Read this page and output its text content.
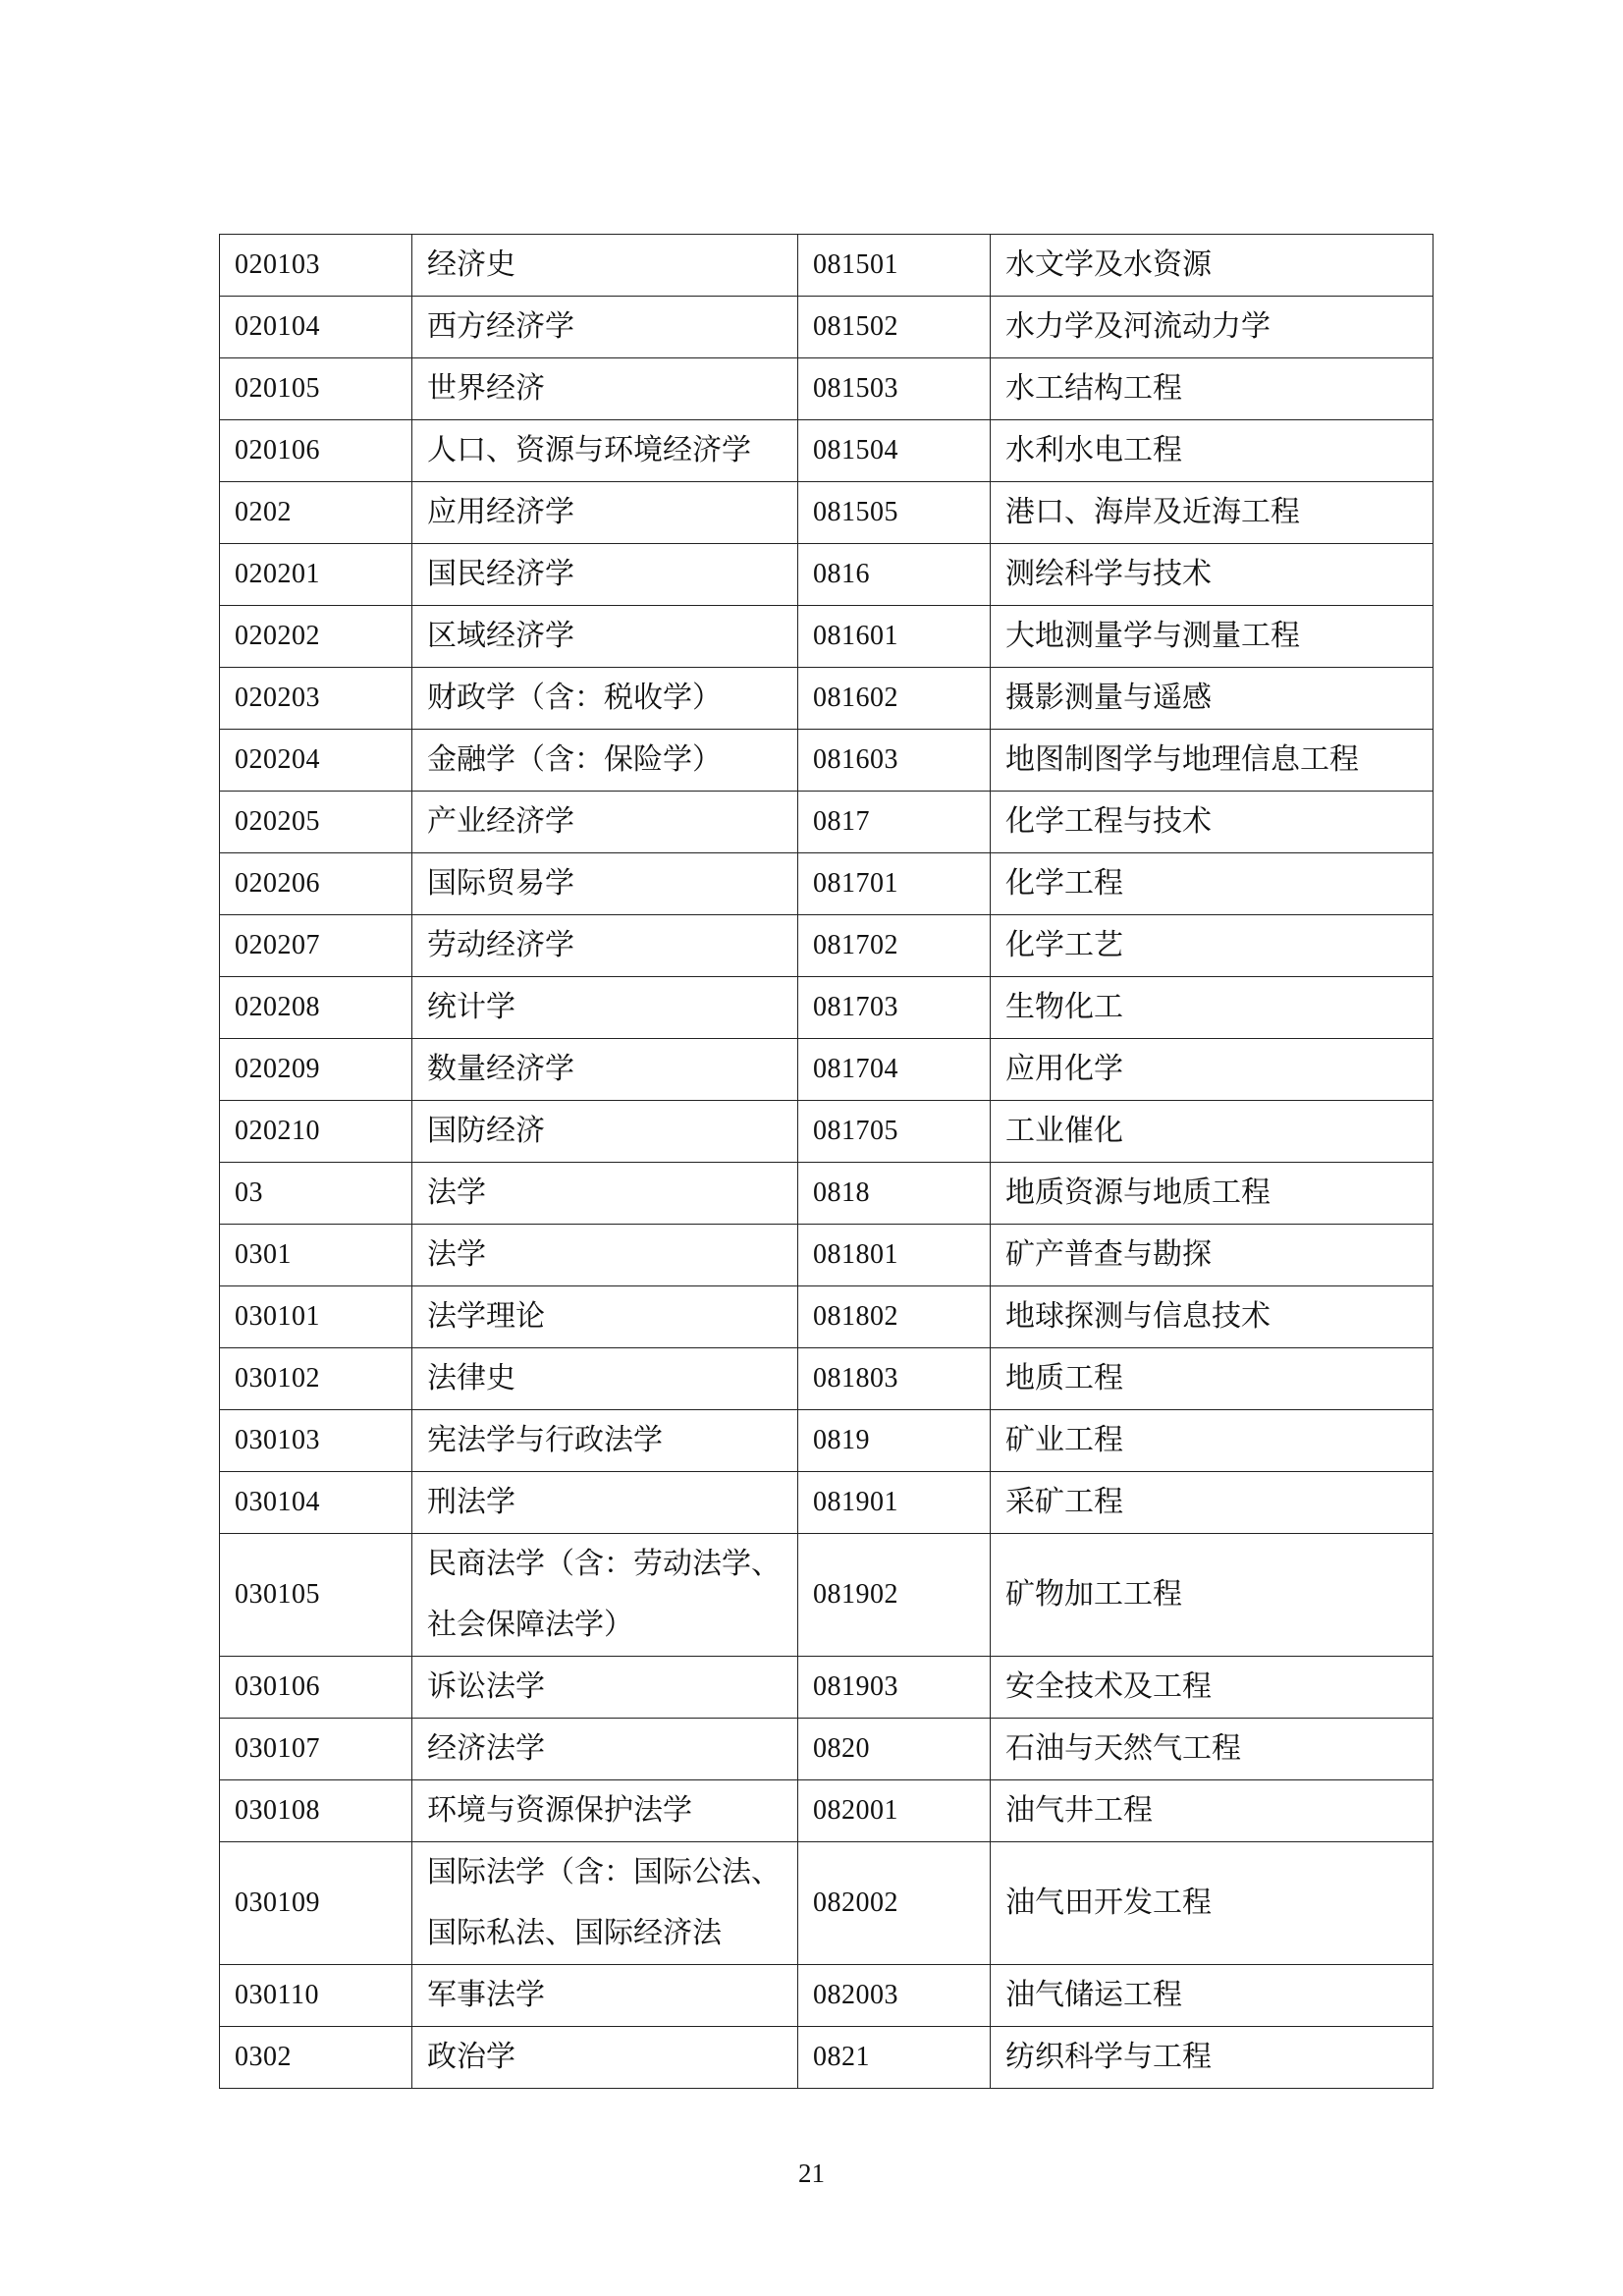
020103	经济史	081501	水文学及水资源

020104	西方经济学	081502	水力学及河流动力学

020105	世界经济	081503	水工结构工程

020106	人口、资源与环境经济学	081504	水利水电工程

0202	应用经济学	081505	港口、海岸及近海工程

020201	国民经济学	0816	测绘科学与技术

020202	区域经济学	081601	大地测量学与测量工程

020203	财政学（含：税收学）	081602	摄影测量与遥感

020204	金融学（含：保险学）	081603	地图制图学与地理信息工程

020205	产业经济学	0817	化学工程与技术

020206	国际贸易学	081701	化学工程

020207	劳动经济学	081702	化学工艺

020208	统计学	081703	生物化工

020209	数量经济学	081704	应用化学

020210	国防经济	081705	工业催化

03	法学	0818	地质资源与地质工程

0301	法学	081801	矿产普查与勘探

030101	法学理论	081802	地球探测与信息技术

030102	法律史	081803	地质工程

030103	宪法学与行政法学	0819	矿业工程

030104	刑法学	081901	采矿工程

030105	民商法学（含：劳动法学、
社会保障法学）	081902	矿物加工工程

030106	诉讼法学	081903	安全技术及工程

030107	经济法学	0820	石油与天然气工程

030108	环境与资源保护法学	082001	油气井工程

030109	国际法学（含：国际公法、
国际私法、国际经济法	082002	油气田开发工程

030110	军事法学	082003	油气储运工程

0302	政治学	0821	纺织科学与工程
21
